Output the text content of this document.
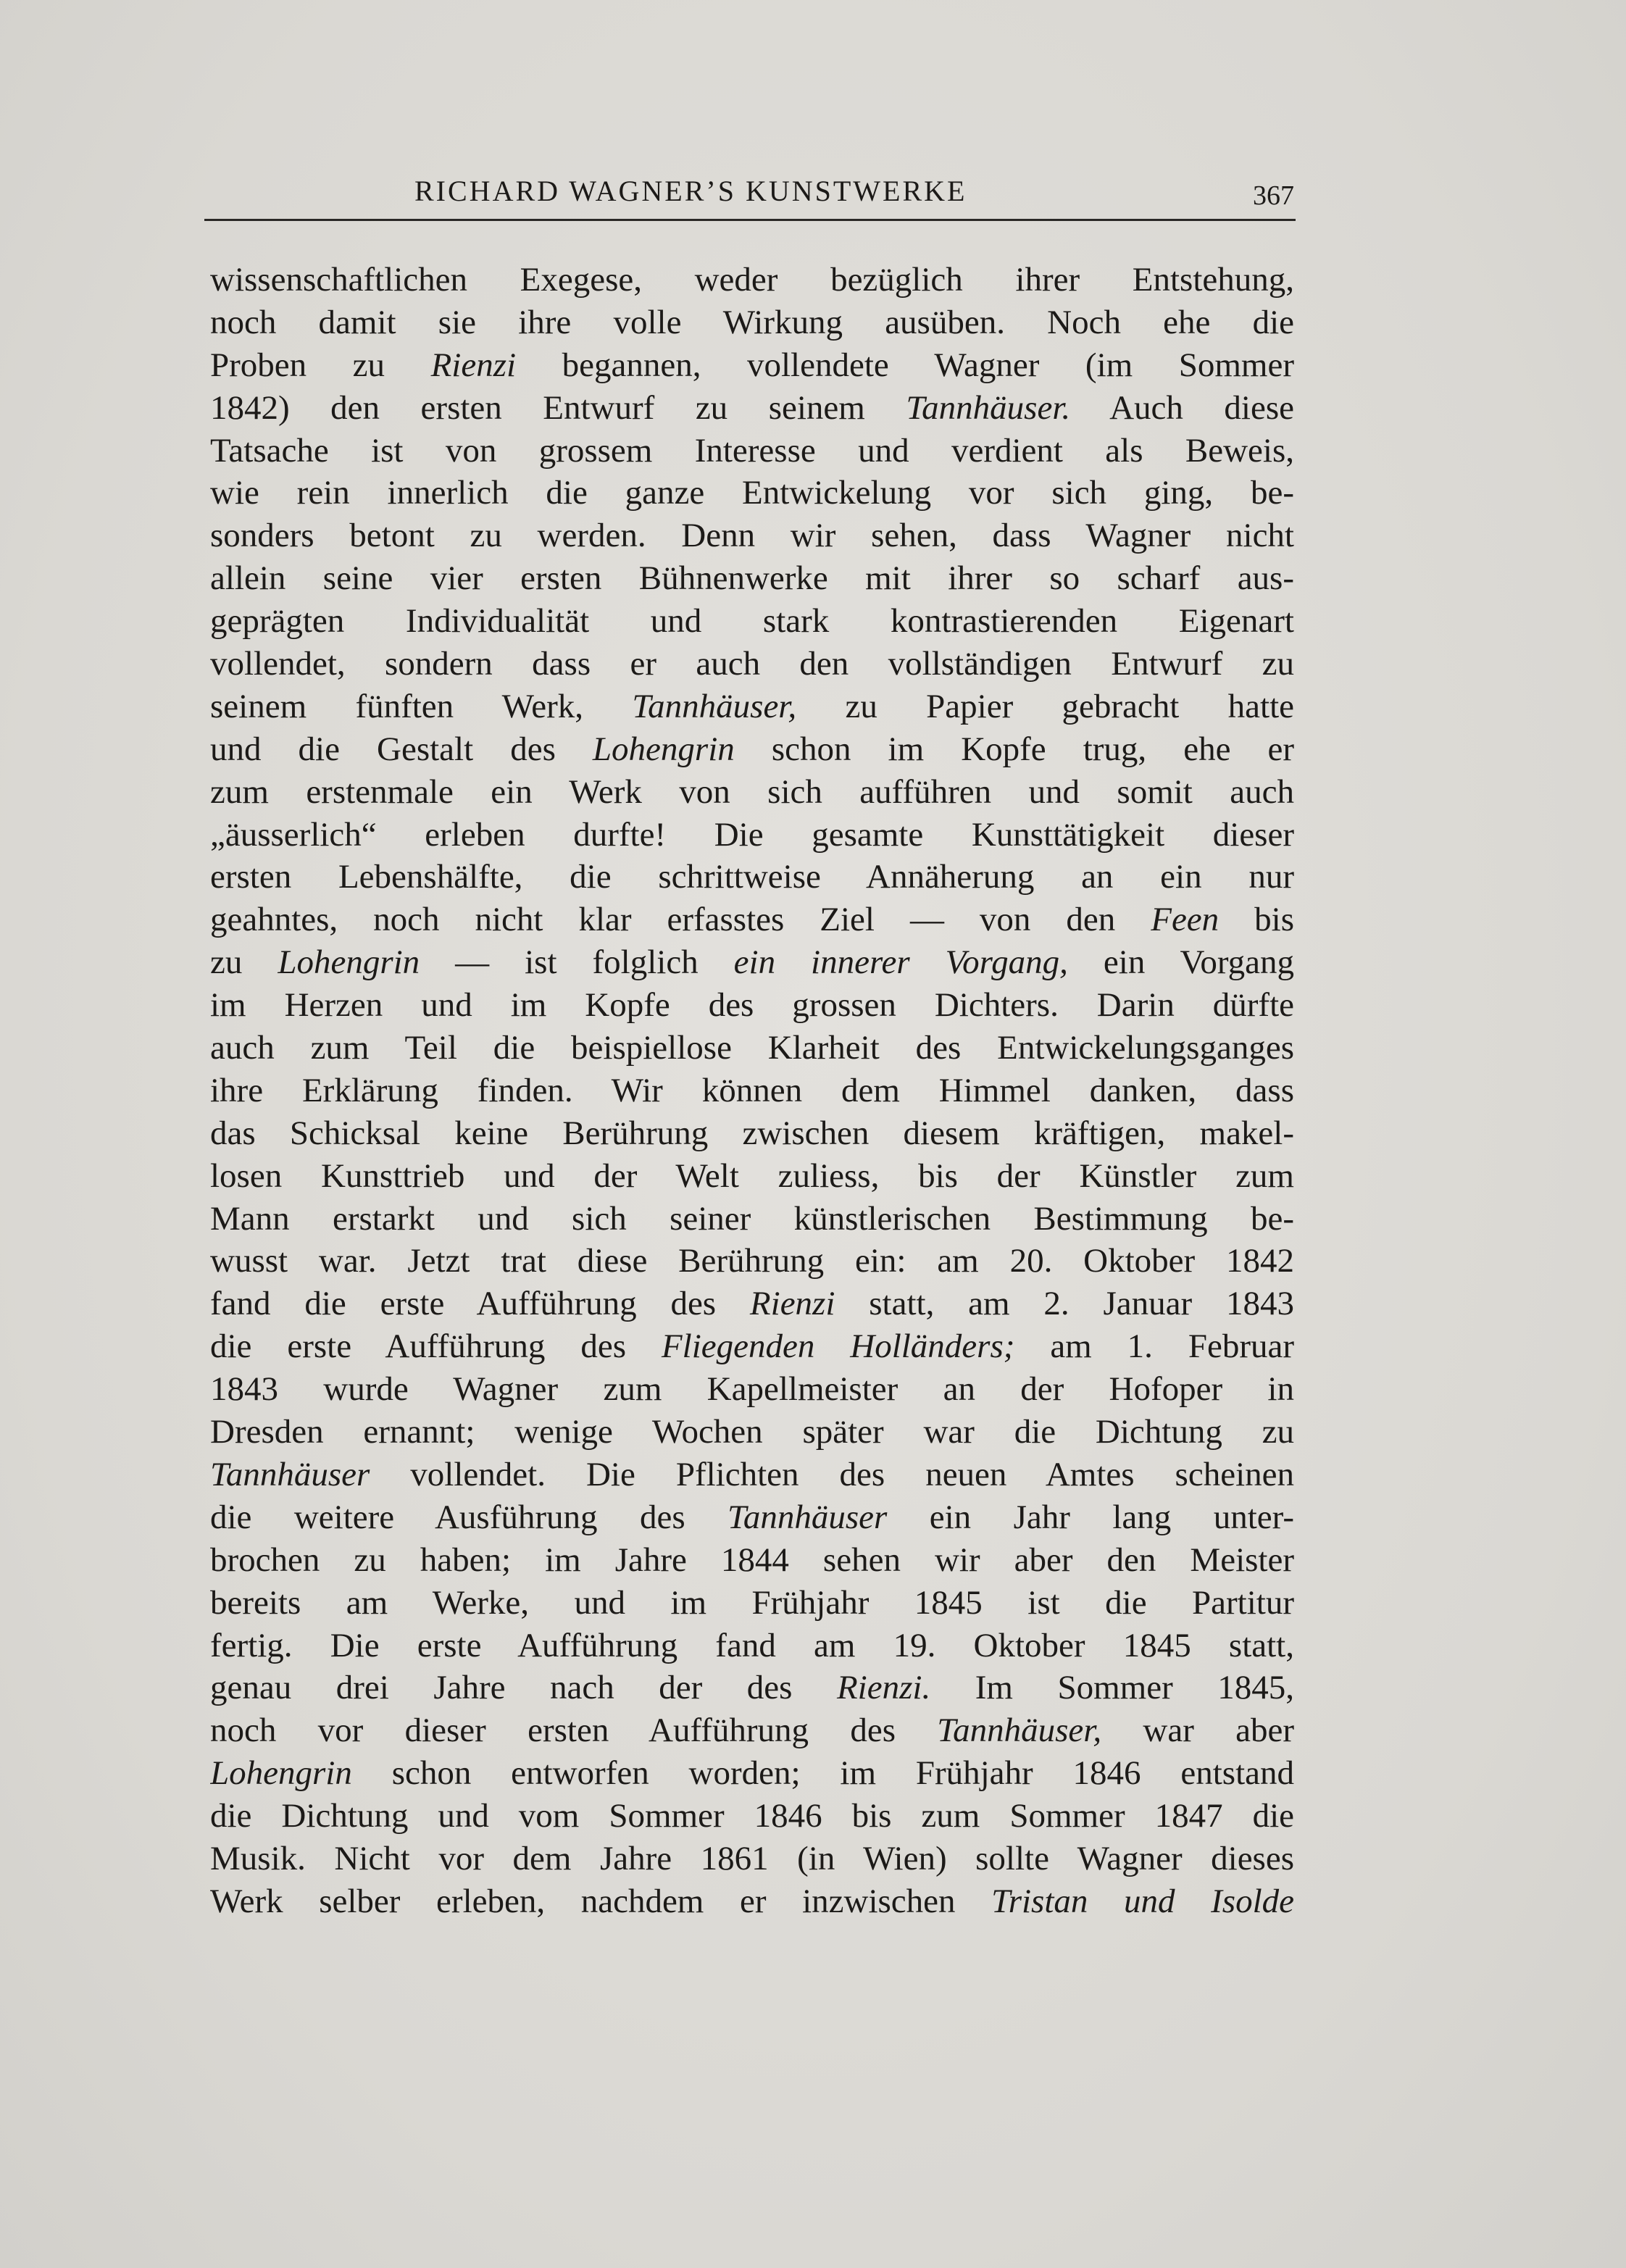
RICHARD WAGNER’S KUNSTWERKE	367
wissenschaftlichen Exegese, weder bezüglich ihrer Entstehung,
noch damit sie ihre volle Wirkung ausüben. Noch ehe die
Proben zu Rienzi begannen, vollendete Wagner (im Sommer
1842) den ersten Entwurf zu seinem Tannhäuser. Auch diese
Tatsache ist von grossem Interesse und verdient als Beweis,
wie rein innerlich die ganze Entwickelung vor sich ging, be-
sonders betont zu werden. Denn wir sehen, dass Wagner nicht
allein seine vier ersten Bühnenwerke mit ihrer so scharf aus-
geprägten Individualität und stark kontrastierenden Eigenart
vollendet, sondern dass er auch den vollständigen Entwurf zu
seinem fünften Werk, Tannhäuser, zu Papier gebracht hatte
und die Gestalt des Lohengrin schon im Kopfe trug, ehe er
zum erstenmale ein Werk von sich aufführen und somit auch
„äusserlich“ erleben durfte! Die gesamte Kunsttätigkeit dieser
ersten Lebenshälfte, die schrittweise Annäherung an ein nur
geahntes, noch nicht klar erfasstes Ziel — von den Feen bis
zu Lohengrin — ist folglich ein innerer Vorgang, ein Vorgang
im Herzen und im Kopfe des grossen Dichters. Darin dürfte
auch zum Teil die beispiellose Klarheit des Entwickelungsganges
ihre Erklärung finden. Wir können dem Himmel danken, dass
das Schicksal keine Berührung zwischen diesem kräftigen, makel-
losen Kunsttrieb und der Welt zuliess, bis der Künstler zum
Mann erstarkt und sich seiner künstlerischen Bestimmung be-
wusst war. Jetzt trat diese Berührung ein: am 20. Oktober 1842
fand die erste Aufführung des Rienzi statt, am 2. Januar 1843
die erste Aufführung des Fliegenden Holländers; am 1. Februar
1843 wurde Wagner zum Kapellmeister an der Hofoper in
Dresden ernannt; wenige Wochen später war die Dichtung zu
Tannhäuser vollendet. Die Pflichten des neuen Amtes scheinen
die weitere Ausführung des Tannhäuser ein Jahr lang unter-
brochen zu haben; im Jahre 1844 sehen wir aber den Meister
bereits am Werke, und im Frühjahr 1845 ist die Partitur
fertig. Die erste Aufführung fand am 19. Oktober 1845 statt,
genau drei Jahre nach der des Rienzi. Im Sommer 1845,
noch vor dieser ersten Aufführung des Tannhäuser, war aber
Lohengrin schon entworfen worden; im Frühjahr 1846 entstand
die Dichtung und vom Sommer 1846 bis zum Sommer 1847 die
Musik. Nicht vor dem Jahre 1861 (in Wien) sollte Wagner dieses
Werk selber erleben, nachdem er inzwischen Tristan und Isolde
